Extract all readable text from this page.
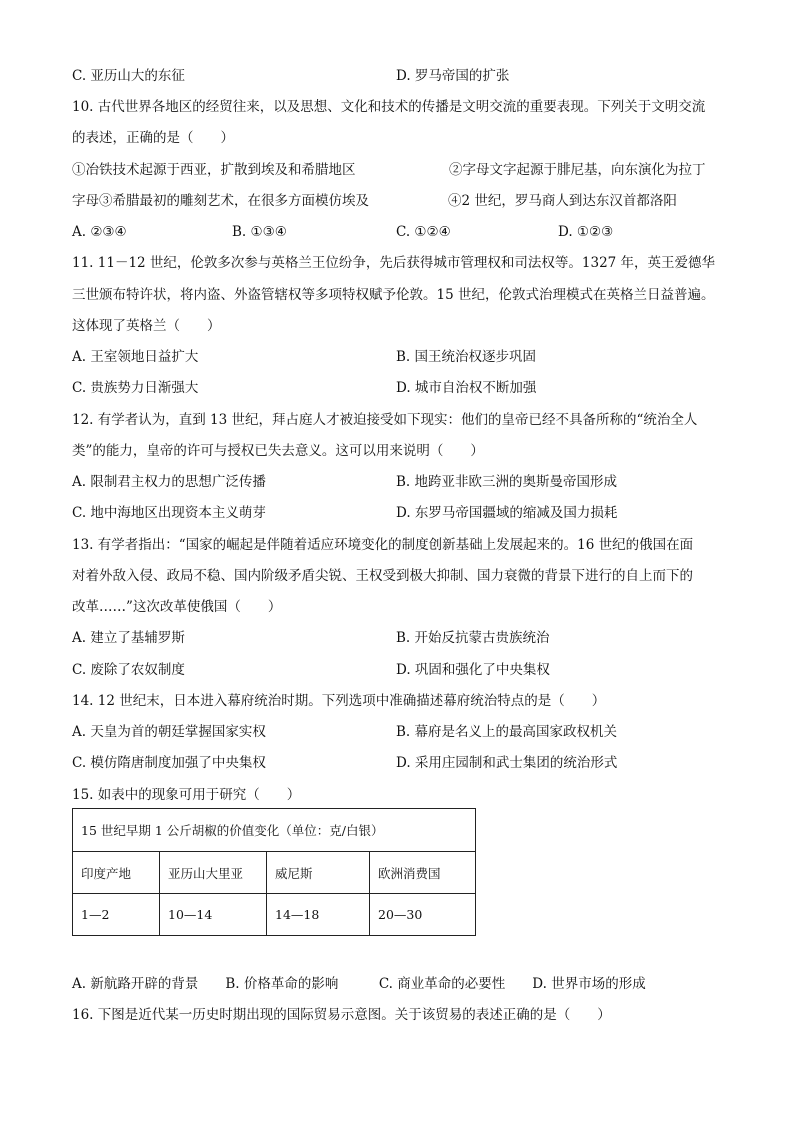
C. 亚历山大的东征	D. 罗马帝国的扩张
10. 古代世界各地区的经贸往来，以及思想、文化和技术的传播是文明交流的重要表现。下列关于文明交流
的表述，正确的是（　　）
①冶铁技术起源于西亚，扩散到埃及和希腊地区	②字母文字起源于腓尼基，向东演化为拉丁
字母③希腊最初的雕刻艺术，在很多方面模仿埃及	④2 世纪，罗马商人到达东汉首都洛阳
A. ②③④	B. ①③④	C. ①②④	D. ①②③
11. 11－12 世纪，伦敦多次参与英格兰王位纷争，先后获得城市管理权和司法权等。1327 年，英王爱德华
三世颁布特许状，将内盗、外盗管辖权等多项特权赋予伦敦。15 世纪，伦敦式治理模式在英格兰日益普遍。
这体现了英格兰（　　）
A. 王室领地日益扩大	B. 国王统治权逐步巩固
C. 贵族势力日渐强大	D. 城市自治权不断加强
12. 有学者认为，直到 13 世纪，拜占庭人才被迫接受如下现实：他们的皇帝已经不具备所称的“统治全人
类”的能力，皇帝的许可与授权已失去意义。这可以用来说明（　　）
A. 限制君主权力的思想广泛传播	B. 地跨亚非欧三洲的奥斯曼帝国形成
C. 地中海地区出现资本主义萌芽	D. 东罗马帝国疆域的缩减及国力损耗
13. 有学者指出：“国家的崛起是伴随着适应环境变化的制度创新基础上发展起来的。16 世纪的俄国在面
对着外敌入侵、政局不稳、国内阶级矛盾尖锐、王权受到极大抑制、国力衰微的背景下进行的自上而下的
改革……”这次改革使俄国（　　）
A. 建立了基辅罗斯	B. 开始反抗蒙古贵族统治
C. 废除了农奴制度	D. 巩固和强化了中央集权
14. 12 世纪末，日本进入幕府统治时期。下列选项中准确描述幕府统治特点的是（　　）
A. 天皇为首的朝廷掌握国家实权	B. 幕府是名义上的最高国家政权机关
C. 模仿隋唐制度加强了中央集权	D. 采用庄园制和武士集团的统治形式
15. 如表中的现象可用于研究（　　）
15 世纪早期 1 公斤胡椒的价值变化（单位：克/白银）			
印度产地	亚历山大里亚	威尼斯	欧洲消费国
1—2	10—14	14—18	20—30
A. 新航路开辟的背景　　B. 价格革命的影响　　　C. 商业革命的必要性　　D. 世界市场的形成
16. 下图是近代某一历史时期出现的国际贸易示意图。关于该贸易的表述正确的是（　　）
